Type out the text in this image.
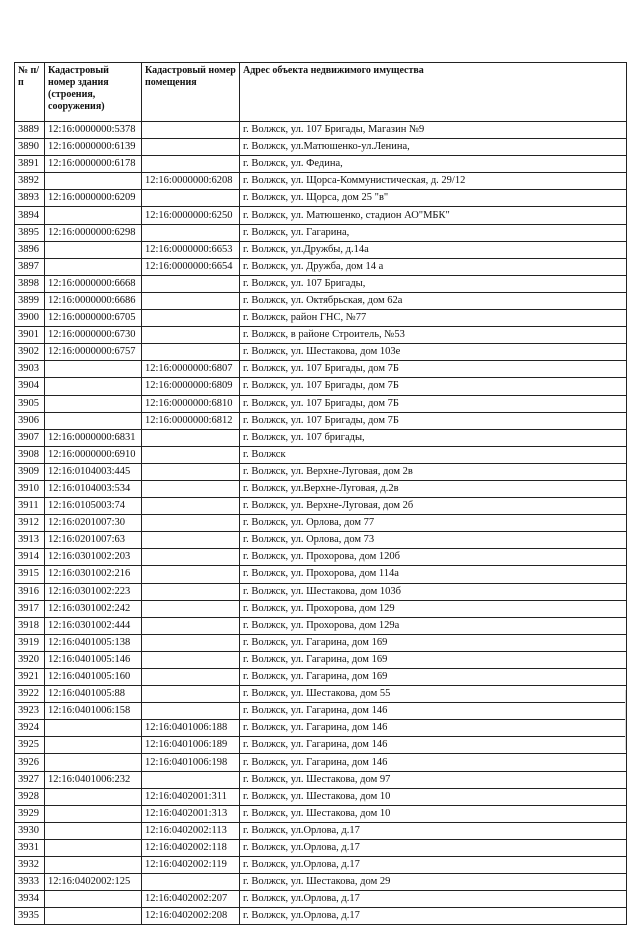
№ п/п	Кадастровый номер здания (строения, сооружения)	Кадастровый номер помещения	Адрес объекта недвижимого имущества
3889	12:16:0000000:5378		г. Волжск, ул. 107 Бригады, Магазин №9
3890	12:16:0000000:6139		г. Волжск, ул.Матюшенко-ул.Ленина,
3891	12:16:0000000:6178		г. Волжск, ул. Федина,
3892		12:16:0000000:6208	г. Волжск, ул. Щорса-Коммунистическая, д. 29/12
3893	12:16:0000000:6209		г. Волжск, ул. Щорса, дом 25 "в"
3894		12:16:0000000:6250	г. Волжск, ул. Матюшенко, стадион АО"МБК"
3895	12:16:0000000:6298		г. Волжск, ул. Гагарина,
3896		12:16:0000000:6653	г. Волжск, ул.Дружбы, д.14а
3897		12:16:0000000:6654	г. Волжск, ул. Дружба, дом 14 а
3898	12:16:0000000:6668		г. Волжск, ул. 107 Бригады,
3899	12:16:0000000:6686		г. Волжск, ул. Октябрьская, дом 62а
3900	12:16:0000000:6705		г. Волжск, район ГНС, №77
3901	12:16:0000000:6730		г. Волжск, в районе Строитель, №53
3902	12:16:0000000:6757		г. Волжск, ул. Шестакова, дом 103е
3903		12:16:0000000:6807	г. Волжск, ул. 107 Бригады, дом 7Б
3904		12:16:0000000:6809	г. Волжск, ул. 107 Бригады, дом 7Б
3905		12:16:0000000:6810	г. Волжск, ул. 107 Бригады, дом 7Б
3906		12:16:0000000:6812	г. Волжск, ул. 107 Бригады, дом 7Б
3907	12:16:0000000:6831		г. Волжск, ул. 107 бригады,
3908	12:16:0000000:6910		г. Волжск
3909	12:16:0104003:445		г. Волжск, ул. Верхне-Луговая, дом 2в
3910	12:16:0104003:534		г. Волжск, ул.Верхне-Луговая, д.2в
3911	12:16:0105003:74		г. Волжск, ул. Верхне-Луговая, дом 2б
3912	12:16:0201007:30		г. Волжск, ул. Орлова, дом 77
3913	12:16:0201007:63		г. Волжск, ул. Орлова, дом 73
3914	12:16:0301002:203		г. Волжск, ул. Прохорова, дом 120б
3915	12:16:0301002:216		г. Волжск, ул. Прохорова, дом 114а
3916	12:16:0301002:223		г. Волжск, ул. Шестакова, дом 103б
3917	12:16:0301002:242		г. Волжск, ул. Прохорова, дом 129
3918	12:16:0301002:444		г. Волжск, ул. Прохорова, дом 129а
3919	12:16:0401005:138		г. Волжск, ул. Гагарина, дом 169
3920	12:16:0401005:146		г. Волжск, ул. Гагарина, дом 169
3921	12:16:0401005:160		г. Волжск, ул. Гагарина, дом 169
3922	12:16:0401005:88		г. Волжск, ул. Шестакова, дом 55
3923	12:16:0401006:158		г. Волжск, ул. Гагарина, дом 146
3924		12:16:0401006:188	г. Волжск, ул. Гагарина, дом 146
3925		12:16:0401006:189	г. Волжск, ул. Гагарина, дом 146
3926		12:16:0401006:198	г. Волжск, ул. Гагарина, дом 146
3927	12:16:0401006:232		г. Волжск, ул. Шестакова, дом 97
3928		12:16:0402001:311	г. Волжск, ул. Шестакова, дом 10
3929		12:16:0402001:313	г. Волжск, ул. Шестакова, дом 10
3930		12:16:0402002:113	г. Волжск, ул.Орлова, д.17
3931		12:16:0402002:118	г. Волжск, ул.Орлова, д.17
3932		12:16:0402002:119	г. Волжск, ул.Орлова, д.17
3933	12:16:0402002:125		г. Волжск, ул. Шестакова, дом 29
3934		12:16:0402002:207	г. Волжск, ул.Орлова, д.17
3935		12:16:0402002:208	г. Волжск, ул.Орлова, д.17
